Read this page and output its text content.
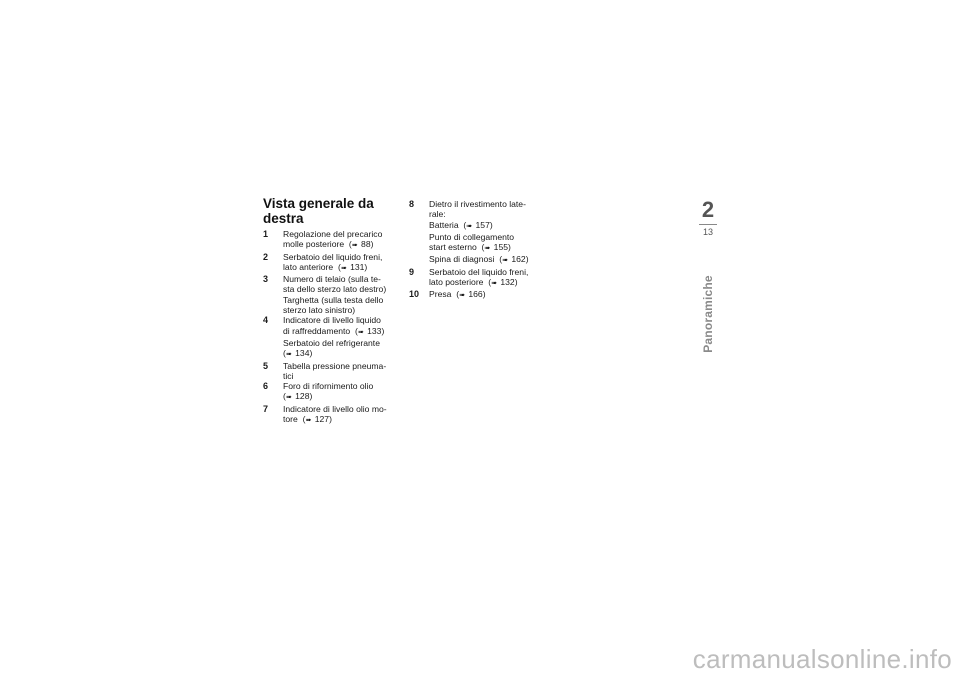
Vista generale da
destra
1 Regolazione del precarico
molle posteriore  (➠ 88)
2 Serbatoio del liquido freni,
lato anteriore  (➠ 131)
3 Numero di telaio (sulla te-
sta dello sterzo lato destro)
Targhetta (sulla testa dello
sterzo lato sinistro)
4 Indicatore di livello liquido
di raffreddamento  (➠ 133)
Serbatoio del refrigerante
(➠ 134)
5 Tabella pressione pneuma-
tici
6 Foro di rifornimento olio
(➠ 128)
7 Indicatore di livello olio mo-
tore  (➠ 127)
8 Dietro il rivestimento late-
rale:
Batteria  (➠ 157)
Punto di collegamento
start esterno  (➠ 155)
Spina di diagnosi  (➠ 162)
9 Serbatoio del liquido freni,
lato posteriore  (➠ 132)
10 Presa  (➠ 166)
2
13
Panoramiche
carmanualsonline.info
